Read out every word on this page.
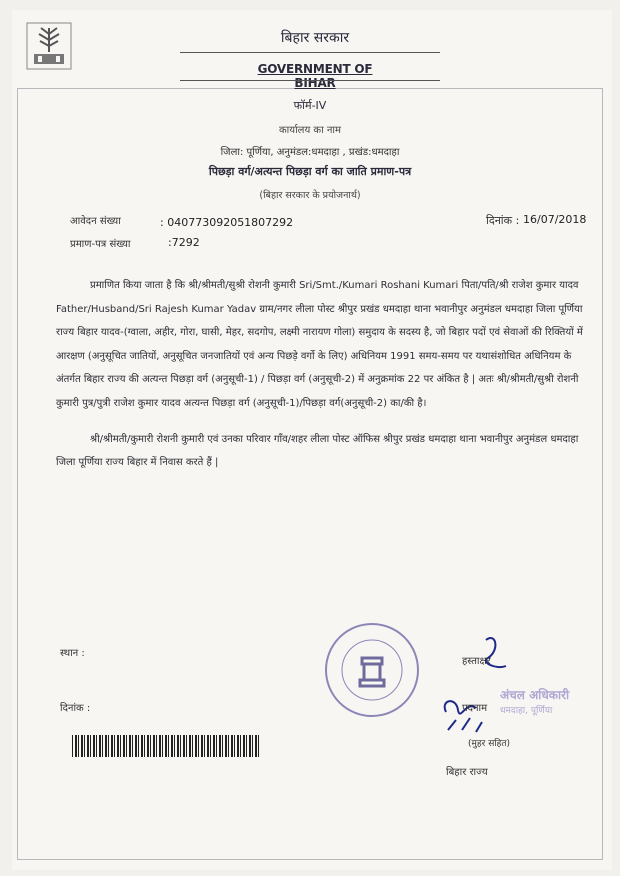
बिहार सरकार
GOVERNMENT OF BIHAR
फॉर्म-IV
कार्यालय का नाम
जिला: पूर्णिया, अनुमंडल:धमदाहा , प्रखंड:धमदाहा
पिछड़ा वर्ग/अत्यन्त पिछड़ा वर्ग का जाति प्रमाण-पत्र
(बिहार सरकार के प्रयोजनार्थ)
आवेदन संख्या	: 040773092051807292	दिनांक : 16/07/2018
प्रमाण-पत्र संख्या	:7292

प्रमाणित किया जाता है कि श्री/श्रीमती/सुश्री रोशनी कुमारी Sri/Smt./Kumari Roshani Kumari पिता/पति/श्री राजेश कुमार यादव Father/Husband/Sri Rajesh Kumar Yadav ग्राम/नगर लीला पोस्ट श्रीपुर प्रखंड धमदाहा थाना भवानीपुर अनुमंडल धमदाहा जिला पूर्णिया राज्य बिहार यादव-(ग्वाला, अहीर, गोरा, घासी, मेहर, सदगोप, लक्ष्मी नारायण गोला) समुदाय के सदस्य है, जो बिहार पदों एवं सेवाओं की रिक्तियों में आरक्षण (अनुसूचित जातियों, अनुसूचित जनजातियों एवं अन्य पिछड़े वर्गो के लिए) अधिनियम 1991 समय-समय पर यथासंशोधित अधिनियम के अंतर्गत बिहार राज्य की अत्यन्त पिछड़ा वर्ग (अनुसूची-1) / पिछड़ा वर्ग (अनुसूची-2) में अनुक्रमांक 22 पर अंकित है | अतः श्री/श्रीमती/सुश्री रोशनी कुमारी पुत्र/पुत्री राजेश कुमार यादव अत्यन्त पिछड़ा वर्ग (अनुसूची-1)/पिछड़ा वर्ग(अनुसूची-2) का/की है।

श्री/श्रीमती/कुमारी रोशनी कुमारी एवं उनका परिवार गाँव/शहर लीला पोस्ट ऑफिस श्रीपुर प्रखंड धमदाहा थाना भवानीपुर अनुमंडल धमदाहा जिला पूर्णिया राज्य बिहार में निवास करते हैं |

स्थान :
दिनांक :
अंचल अधिकारी
धमदाहा, पूर्णिया
हस्ताक्षर
पदनाम
(मुहर सहित)
बिहार राज्य
